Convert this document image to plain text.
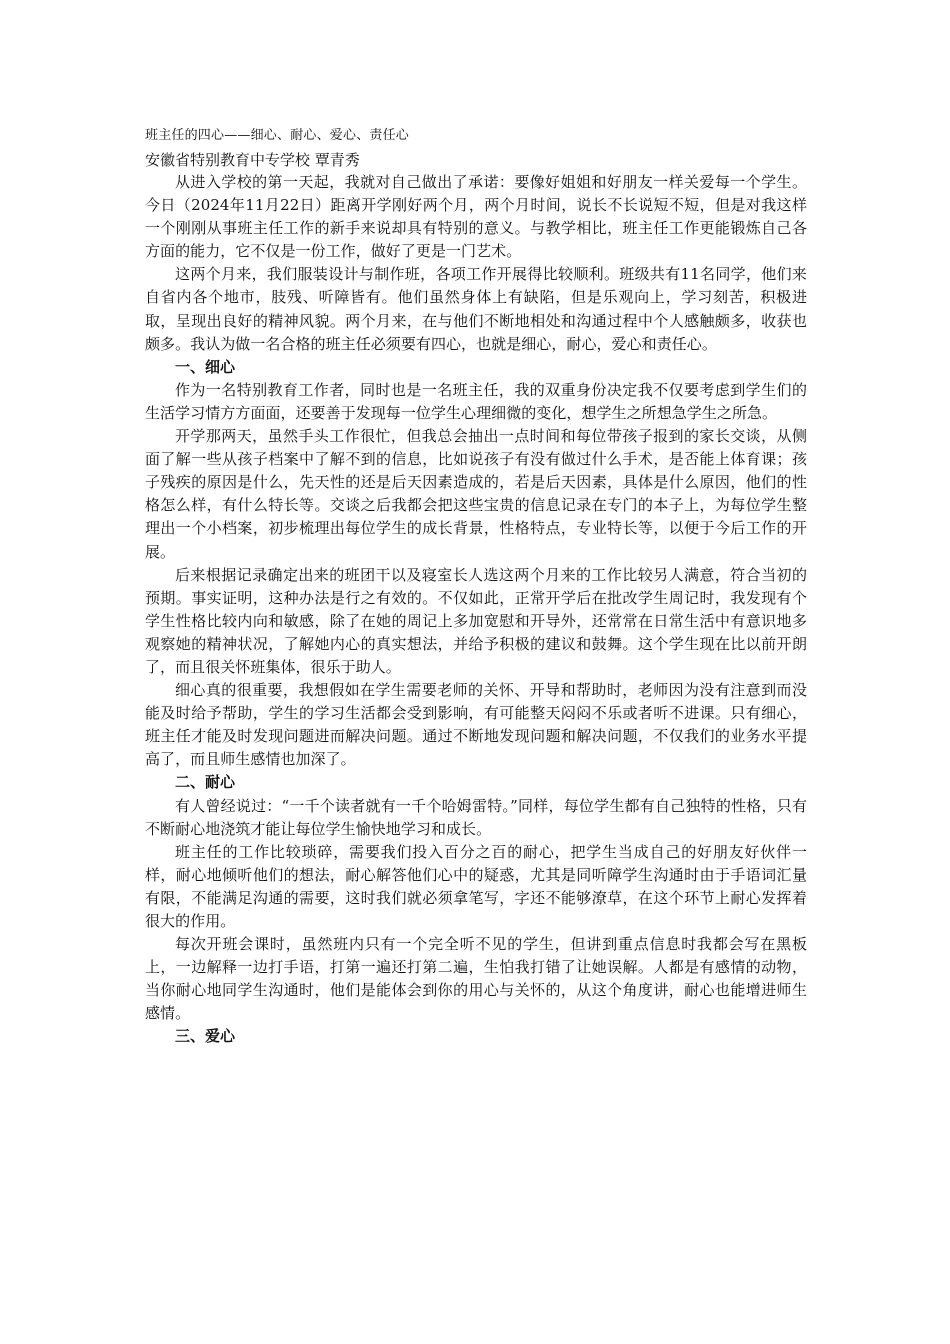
班主任的四心——细心、耐心、爱心、责任心

安徽省特别教育中专学校 覃青秀

从进入学校的第一天起，我就对自己做出了承诺：要像好姐姐和好朋友一样关爱每一个学生。今日（2024年11月22日）距离开学刚好两个月，两个月时间，说长不长说短不短，但是对我这样一个刚刚从事班主任工作的新手来说却具有特别的意义。与教学相比，班主任工作更能锻炼自己各方面的能力，它不仅是一份工作，做好了更是一门艺术。

这两个月来，我们服装设计与制作班，各项工作开展得比较顺利。班级共有11名同学，他们来自省内各个地市，肢残、听障皆有。他们虽然身体上有缺陷，但是乐观向上，学习刻苦，积极进取，呈现出良好的精神风貌。两个月来，在与他们不断地相处和沟通过程中个人感触颇多，收获也颇多。我认为做一名合格的班主任必须要有四心，也就是细心，耐心，爱心和责任心。

一、细心

作为一名特别教育工作者，同时也是一名班主任，我的双重身份决定我不仅要考虑到学生们的生活学习情方方面面，还要善于发现每一位学生心理细微的变化，想学生之所想急学生之所急。

开学那两天，虽然手头工作很忙，但我总会抽出一点时间和每位带孩子报到的家长交谈，从侧面了解一些从孩子档案中了解不到的信息，比如说孩子有没有做过什么手术，是否能上体育课；孩子残疾的原因是什么，先天性的还是后天因素造成的，若是后天因素，具体是什么原因，他们的性格怎么样，有什么特长等。交谈之后我都会把这些宝贵的信息记录在专门的本子上，为每位学生整理出一个小档案，初步梳理出每位学生的成长背景，性格特点，专业特长等，以便于今后工作的开展。

后来根据记录确定出来的班团干以及寝室长人选这两个月来的工作比较另人满意，符合当初的预期。事实证明，这种办法是行之有效的。不仅如此，正常开学后在批改学生周记时，我发现有个学生性格比较内向和敏感，除了在她的周记上多加宽慰和开导外，还常常在日常生活中有意识地多观察她的精神状况，了解她内心的真实想法，并给予积极的建议和鼓舞。这个学生现在比以前开朗了，而且很关怀班集体，很乐于助人。

细心真的很重要，我想假如在学生需要老师的关怀、开导和帮助时，老师因为没有注意到而没能及时给予帮助，学生的学习生活都会受到影响，有可能整天闷闷不乐或者听不进课。只有细心，班主任才能及时发现问题进而解决问题。通过不断地发现问题和解决问题，不仅我们的业务水平提高了，而且师生感情也加深了。

二、耐心

有人曾经说过：“一千个读者就有一千个哈姆雷特。”同样，每位学生都有自己独特的性格，只有不断耐心地浇筑才能让每位学生愉快地学习和成长。

班主任的工作比较琐碎，需要我们投入百分之百的耐心，把学生当成自己的好朋友好伙伴一样，耐心地倾听他们的想法，耐心解答他们心中的疑惑，尤其是同听障学生沟通时由于手语词汇量有限，不能满足沟通的需要，这时我们就必须拿笔写，字还不能够潦草，在这个环节上耐心发挥着很大的作用。

每次开班会课时，虽然班内只有一个完全听不见的学生，但讲到重点信息时我都会写在黑板上，一边解释一边打手语，打第一遍还打第二遍，生怕我打错了让她误解。人都是有感情的动物，当你耐心地同学生沟通时，他们是能体会到你的用心与关怀的，从这个角度讲，耐心也能增进师生感情。

三、爱心
